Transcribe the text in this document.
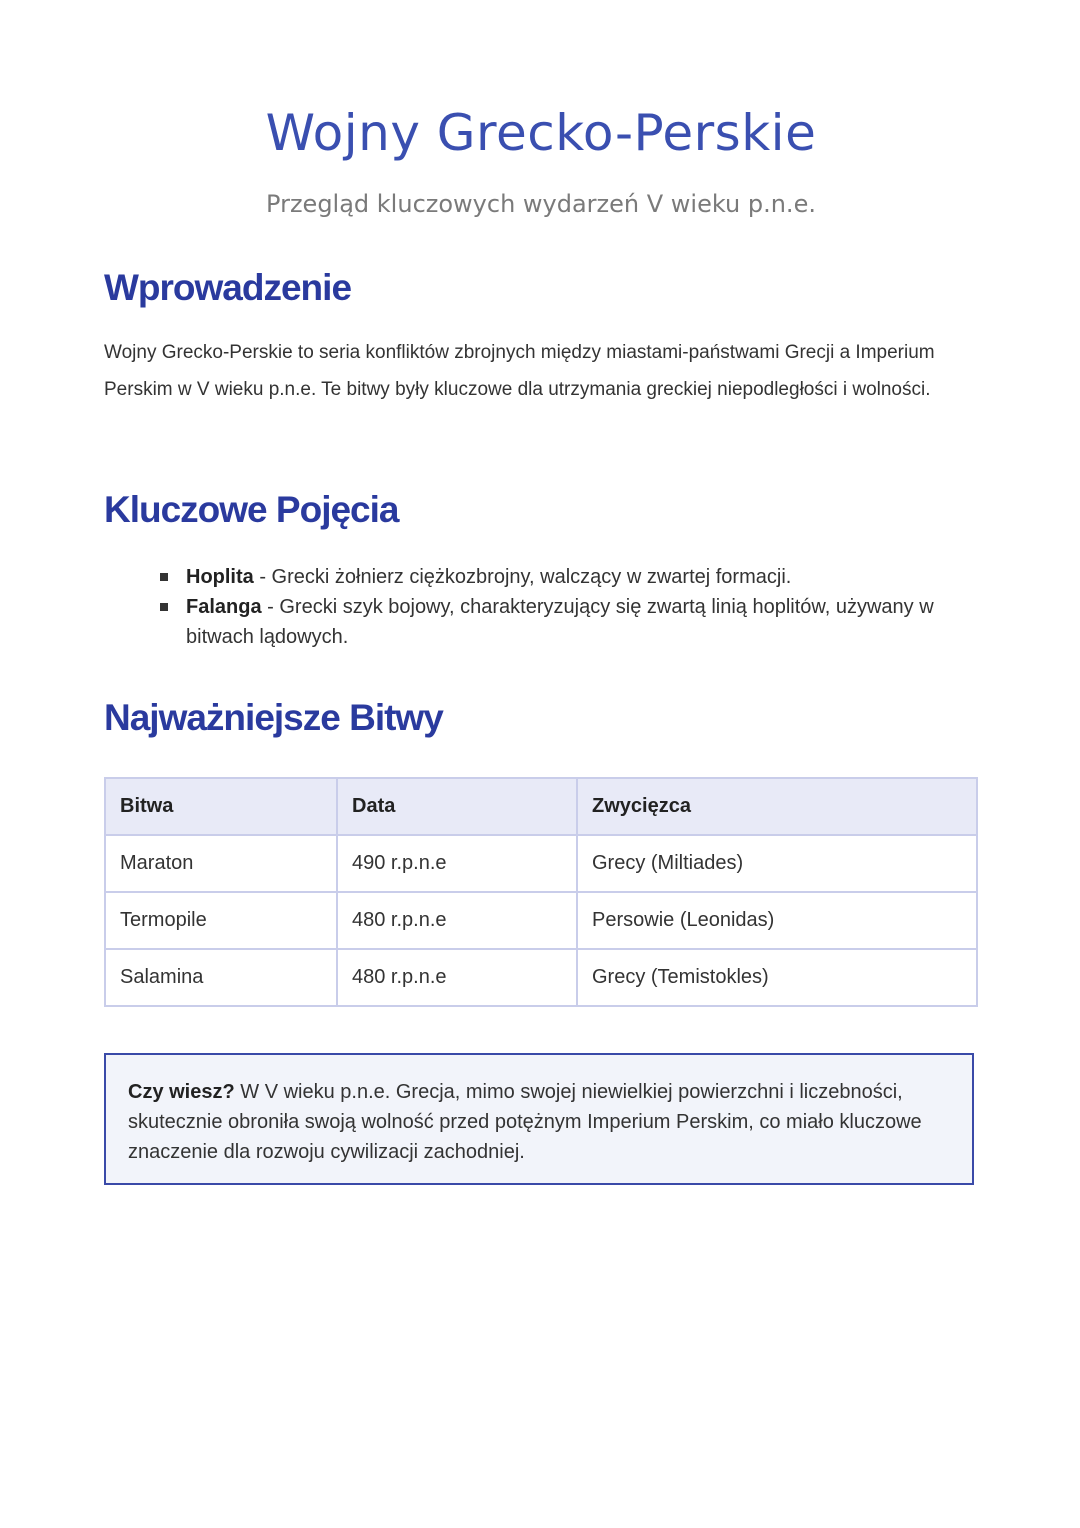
Wojny Grecko-Perskie

Przegląd kluczowych wydarzeń V wieku p.n.e.

Wprowadzenie

Wojny Grecko-Perskie to seria konfliktów zbrojnych między miastami-państwami Grecji a Imperium Perskim w V wieku p.n.e. Te bitwy były kluczowe dla utrzymania greckiej niepodległości i wolności.

Kluczowe Pojęcia
Hoplita - Grecki żołnierz ciężkozbrojny, walczący w zwartej formacji.
Falanga - Grecki szyk bojowy, charakteryzujący się zwartą linią hoplitów, używany w bitwach lądowych.
Najważniejsze Bitwy
Bitwa	Data	Zwycięzca
Maraton	490 r.p.n.e	Grecy (Miltiades)
Termopile	480 r.p.n.e	Persowie (Leonidas)
Salamina	480 r.p.n.e	Grecy (Temistokles)
Czy wiesz? W V wieku p.n.e. Grecja, mimo swojej niewielkiej powierzchni i liczebności, skutecznie obroniła swoją wolność przed potężnym Imperium Perskim, co miało kluczowe znaczenie dla rozwoju cywilizacji zachodniej.
